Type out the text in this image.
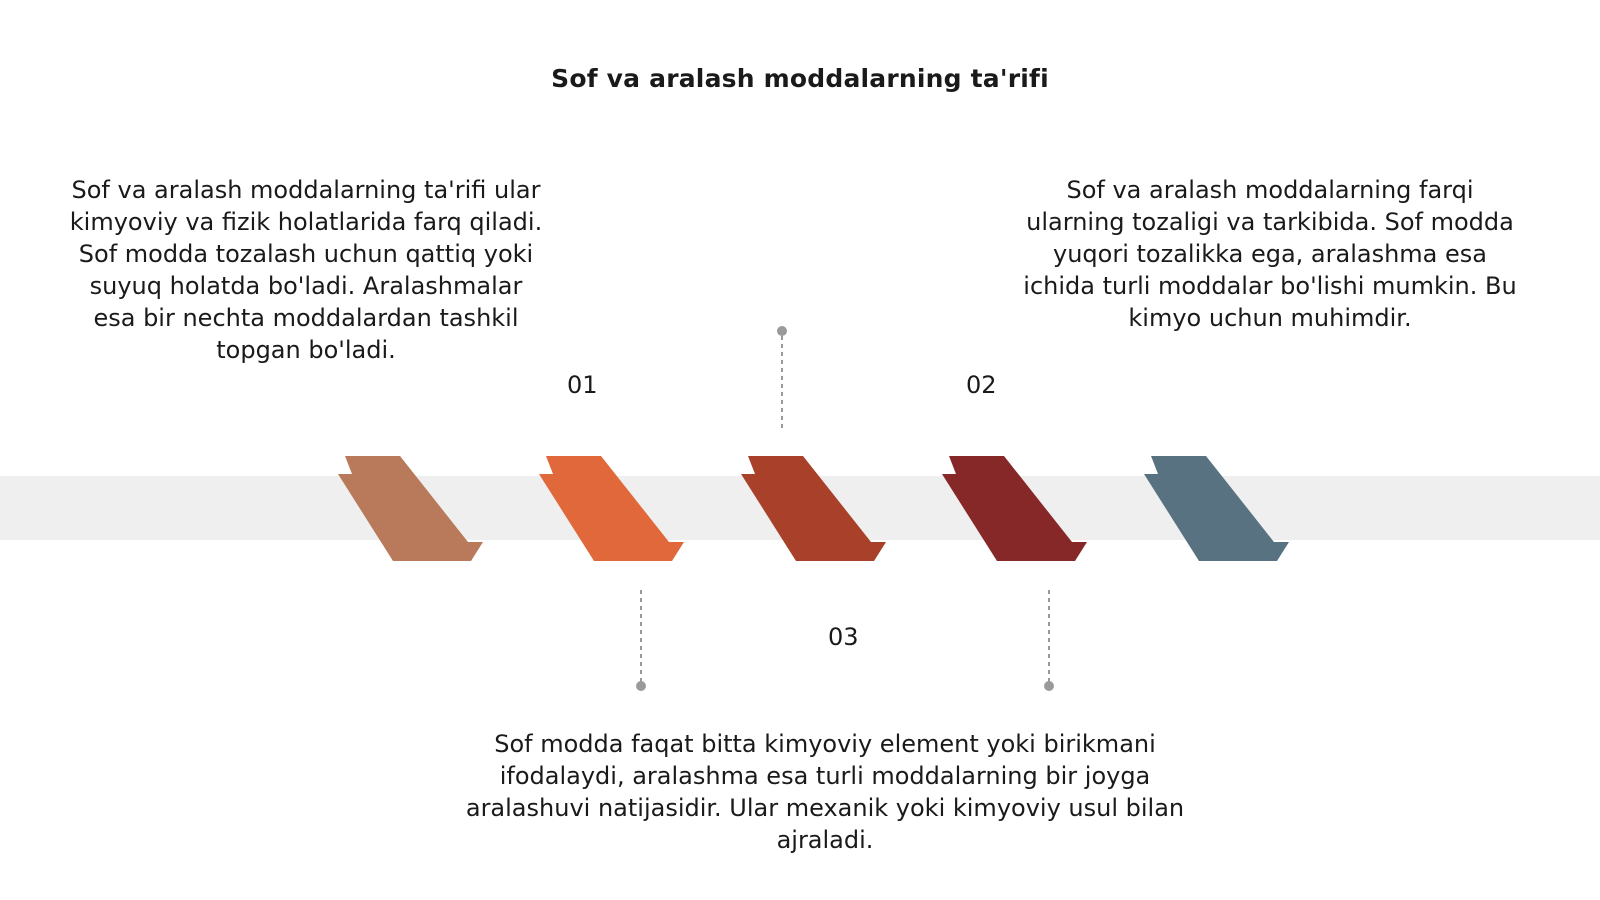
Sof va aralash moddalarning ta'rifi
Sof va aralash moddalarning ta'rifi ular kimyoviy va fizik holatlarida farq qiladi. Sof modda tozalash uchun qattiq yoki suyuq holatda bo'ladi. Aralashmalar esa bir nechta moddalardan tashkil topgan bo'ladi.
Sof va aralash moddalarning farqi ularning tozaligi va tarkibida. Sof modda yuqori tozalikka ega, aralashma esa ichida turli moddalar bo'lishi mumkin. Bu kimyo uchun muhimdir.
Sof modda faqat bitta kimyoviy element yoki birikmani ifodalaydi, aralashma esa turli moddalarning bir joyga aralashuvi natijasidir. Ular mexanik yoki kimyoviy usul bilan ajraladi.
01	02
03
